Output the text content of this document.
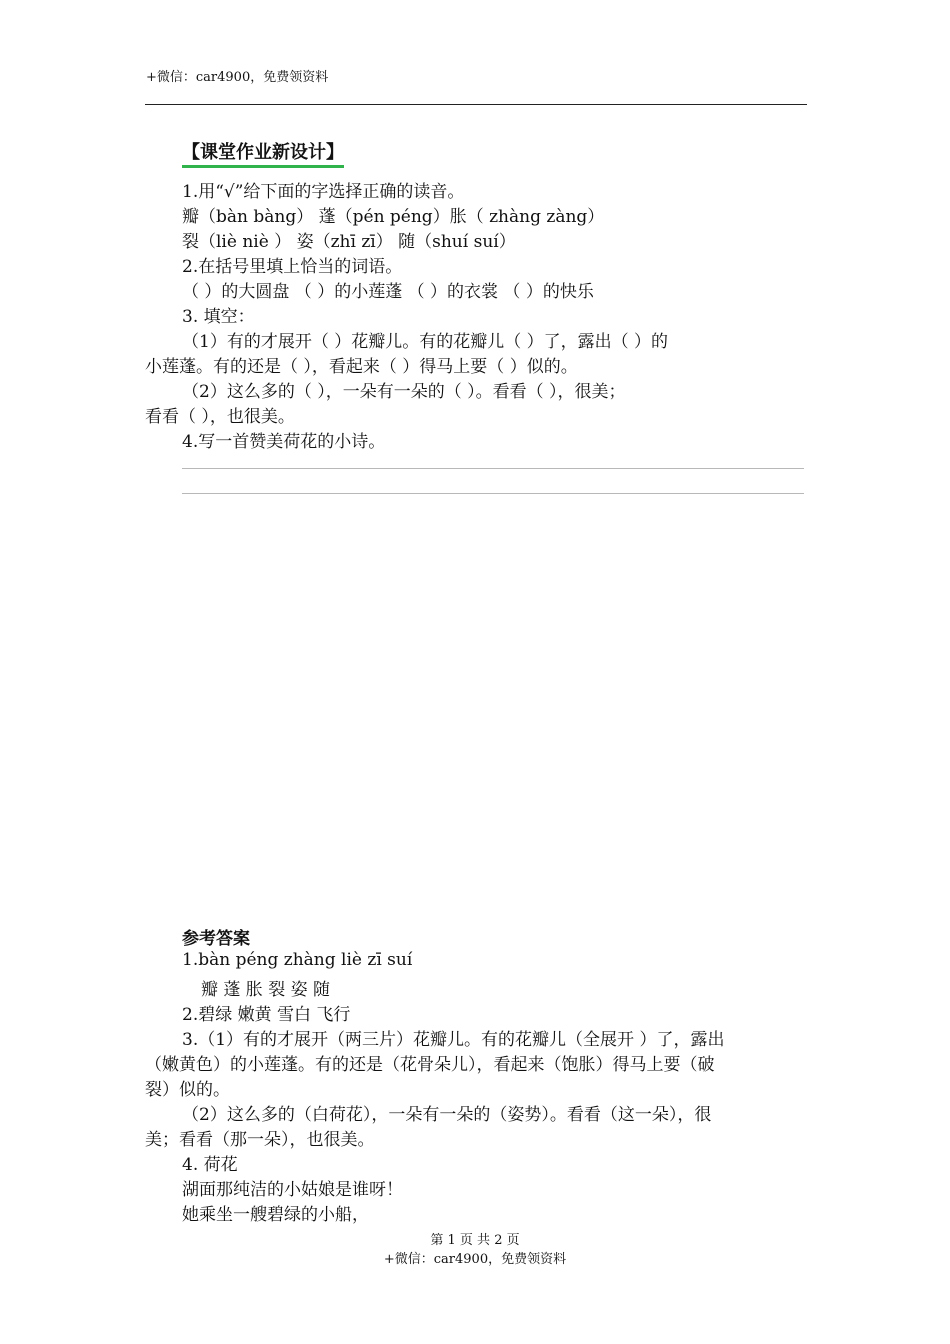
+微信：car4900，免费领资料
【课堂作业新设计】
1.用“√”给下面的字选择正确的读音。
瓣（bàn bàng） 蓬（pén péng）胀（ zhàng zàng）
裂（liè niè ） 姿（zhī zī） 随（shuí suí）
2.在括号里填上恰当的词语。
（ ）的大圆盘 （ ）的小莲蓬 （ ）的衣裳 （ ）的快乐
3. 填空：
（1）有的才展开（ ）花瓣儿。有的花瓣儿（ ）了，露出（ ）的
小莲蓬。有的还是（ ），看起来（ ）得马上要（ ）似的。
（2）这么多的（ ），一朵有一朵的（ ）。看看（ ），很美；
看看（ ），也很美。
4.写一首赞美荷花的小诗。
参考答案
1.bàn péng zhàng liè zī suí
瓣 蓬 胀 裂 姿 随
2.碧绿 嫩黄 雪白 飞行
3.（1）有的才展开（两三片）花瓣儿。有的花瓣儿（全展开 ）了，露出
（嫩黄色）的小莲蓬。有的还是（花骨朵儿），看起来（饱胀）得马上要（破
裂）似的。
（2）这么多的（白荷花），一朵有一朵的（姿势）。看看（这一朵），很
美；看看（那一朵），也很美。
4. 荷花
湖面那纯洁的小姑娘是谁呀！
她乘坐一艘碧绿的小船，
第 1 页 共 2 页
+微信：car4900，免费领资料
